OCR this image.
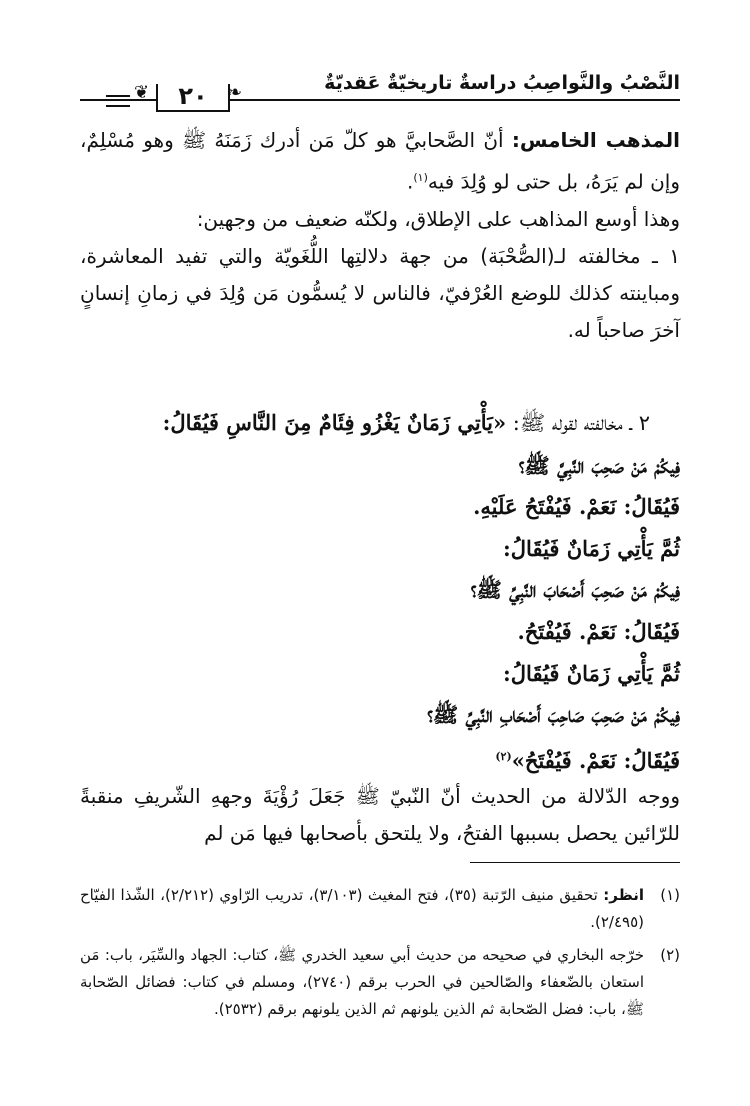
النَّصْبُ والنَّواصِبُ دراسةٌ تاريخيّةٌ عَقديّةٌ
❦	٢٠	❧

المذهب الخامس: أنّ الصَّحابيَّ هو كلّ مَن أدرك زَمَنَهُ ﷺ وهو مُسْلِمٌ، وإن لم يَرَهُ، بل حتى لو وُلِدَ فيه$^{(١)}$.

وهذا أوسع المذاهب على الإطلاق، ولكنّه ضعيف من وجهين:

١ ـ مخالفته لـ(الصُّحْبَة) من جهة دلالتِها اللُّغَويّة والتي تفيد المعاشرة، ومباينته كذلك للوضع العُرْفيّ، فالناس لا يُسمُّون مَن وُلِدَ في زمانِ إنسانٍ آخرَ صاحباً له.

٢ ـ مخالفته لقوله ﷺ: «يَأْتِي زَمَانٌ يَغْزُو فِئَامٌ مِنَ النَّاسِ فَيُقَالُ:

فِيكُمْ مَنْ صَحِبَ النَّبِيَّ ﷺ؟

فَيُقَالُ: نَعَمْ. فَيُفْتَحُ عَلَيْهِ.

ثُمَّ يَأْتِي زَمَانٌ فَيُقَالُ:

فِيكُمْ مَنْ صَحِبَ أَصْحَابَ النَّبِيِّ ﷺ؟

فَيُقَالُ: نَعَمْ. فَيُفْتَحُ.

ثُمَّ يَأْتِي زَمَانٌ فَيُقَالُ:

فِيكُمْ مَنْ صَحِبَ صَاحِبَ أَصْحَابِ النَّبِيِّ ﷺ؟

فَيُقَالُ: نَعَمْ. فَيُفْتَحُ»$^{(٢)}$

ووجه الدّلالة من الحديث أنّ النّبيّ ﷺ جَعَلَ رُؤْيَةَ وجههِ الشّريفِ منقبةً للرّائين يحصل بسببها الفتحُ، ولا يلتحق بأصحابها فيها مَن لم

(١)
انظر: تحقيق منيف الرّتبة (٣٥)، فتح المغيث (٣/١٠٣)، تدريب الرّاوي (٢/٢١٢)، الشّذا الفيّاح (٢/٤٩٥).
(٢)
خرّجه البخاري في صحيحه من حديث أبي سعيد الخدري ﷺ، كتاب: الجهاد والسِّيَر، باب: مَن استعان بالضّعفاء والصّالحين في الحرب برقم (٢٧٤٠)، ومسلم في كتاب: فضائل الصّحابة ﷺ، باب: فضل الصّحابة ثم الذين يلونهم ثم الذين يلونهم برقم (٢٥٣٢).
